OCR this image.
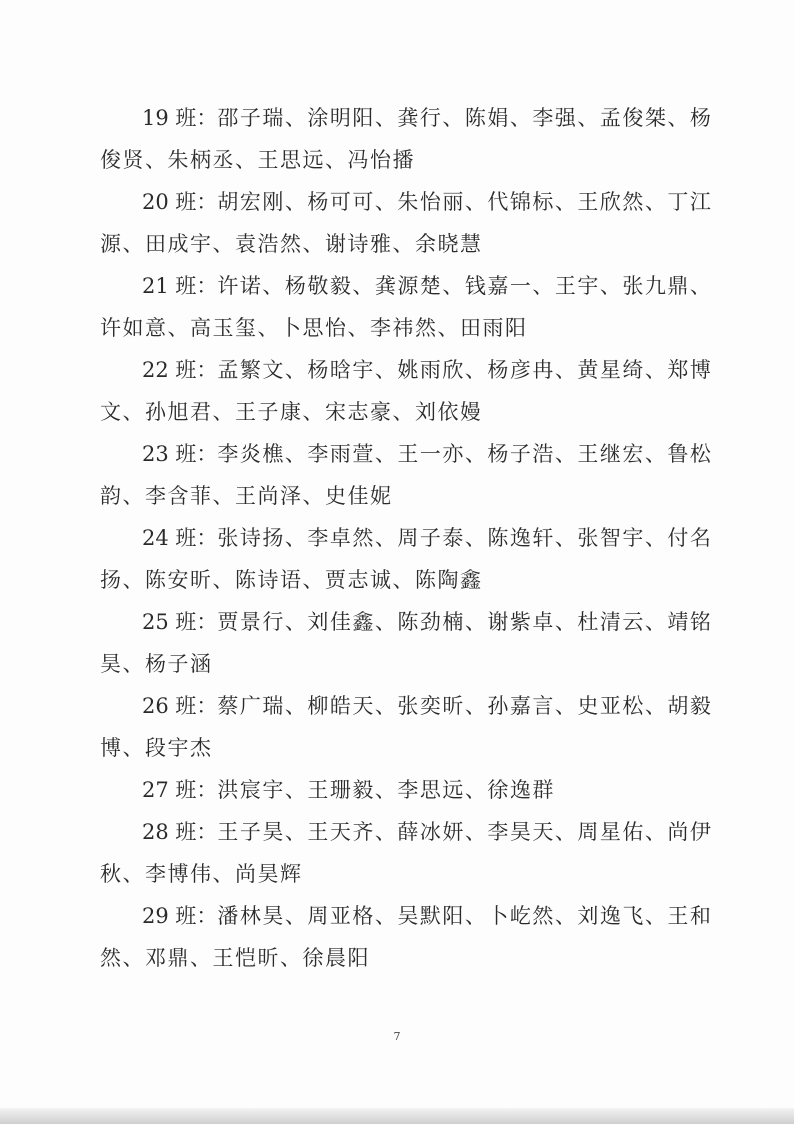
19 班：邵子瑞、涂明阳、龚行、陈娟、李强、孟俊桀、杨
俊贤、朱柄丞、王思远、冯怡播
20 班：胡宏刚、杨可可、朱怡丽、代锦标、王欣然、丁江
源、田成宇、袁浩然、谢诗雅、余晓慧
21 班：许诺、杨敬毅、龚源楚、钱嘉一、王宇、张九鼎、
许如意、高玉玺、卜思怡、李祎然、田雨阳
22 班：孟繁文、杨晗宇、姚雨欣、杨彦冉、黄星绮、郑博
文、孙旭君、王子康、宋志豪、刘依嫚
23 班：李炎樵、李雨萱、王一亦、杨子浩、王继宏、鲁松
韵、李含菲、王尚泽、史佳妮
24 班：张诗扬、李卓然、周子泰、陈逸轩、张智宇、付名
扬、陈安昕、陈诗语、贾志诚、陈陶鑫
25 班：贾景行、刘佳鑫、陈劲楠、谢紫卓、杜清云、靖铭
昊、杨子涵
26 班：蔡广瑞、柳皓天、张奕昕、孙嘉言、史亚松、胡毅
博、段宇杰
27 班：洪宸宇、王珊毅、李思远、徐逸群
28 班：王子昊、王天齐、薛冰妍、李昊天、周星佑、尚伊
秋、李博伟、尚昊辉
29 班：潘林昊、周亚格、吴默阳、卜屹然、刘逸飞、王和
然、邓鼎、王恺昕、徐晨阳
7
